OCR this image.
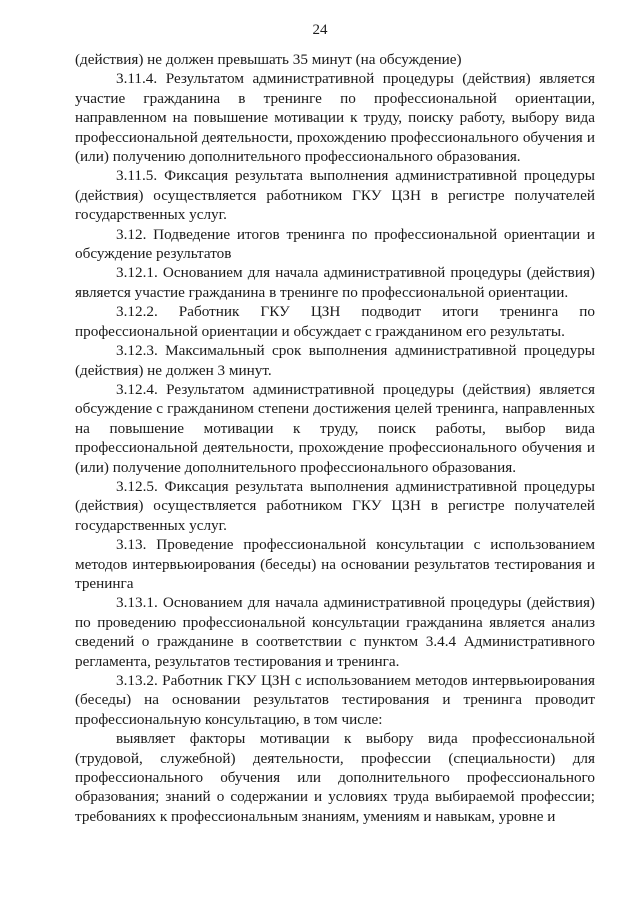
24

(действия) не должен превышать 35 минут (на обсуждение)

3.11.4. Результатом административной процедуры (действия) является участие гражданина в тренинге по профессиональной ориентации, направленном на повышение мотивации к труду, поиску работу, выбору вида профессиональной деятельности, прохождению профессионального обучения и (или) получению дополнительного профессионального образования.

3.11.5. Фиксация результата выполнения административной процедуры (действия) осуществляется работником ГКУ ЦЗН в регистре получателей государственных услуг.

3.12. Подведение итогов тренинга по профессиональной ориентации и обсуждение результатов

3.12.1. Основанием для начала административной процедуры (действия) является участие гражданина в тренинге по профессиональной ориентации.

3.12.2. Работник ГКУ ЦЗН подводит итоги тренинга по профессиональной ориентации и обсуждает с гражданином его результаты.

3.12.3. Максимальный срок выполнения административной процедуры (действия) не должен 3 минут.

3.12.4. Результатом административной процедуры (действия) является обсуждение с гражданином степени достижения целей тренинга, направленных на повышение мотивации к труду, поиск работы, выбор вида профессиональной деятельности, прохождение профессионального обучения и (или) получение дополнительного профессионального образования.

3.12.5. Фиксация результата выполнения административной процедуры (действия) осуществляется работником ГКУ ЦЗН в регистре получателей государственных услуг.

3.13. Проведение профессиональной консультации с использованием методов интервьюирования (беседы) на основании результатов тестирования и тренинга

3.13.1. Основанием для начала административной процедуры (действия) по проведению профессиональной консультации гражданина является анализ сведений о гражданине в соответствии с пунктом 3.4.4 Административного регламента, результатов тестирования и тренинга.

3.13.2. Работник ГКУ ЦЗН с использованием методов интервьюирования (беседы) на основании результатов тестирования и тренинга проводит профессиональную консультацию, в том числе:

выявляет факторы мотивации к выбору вида профессиональной (трудовой, служебной) деятельности, профессии (специальности) для профессионального обучения или дополнительного профессионального образования; знаний о содержании и условиях труда выбираемой профессии; требованиях к профессиональным знаниям, умениям и навыкам, уровне и
